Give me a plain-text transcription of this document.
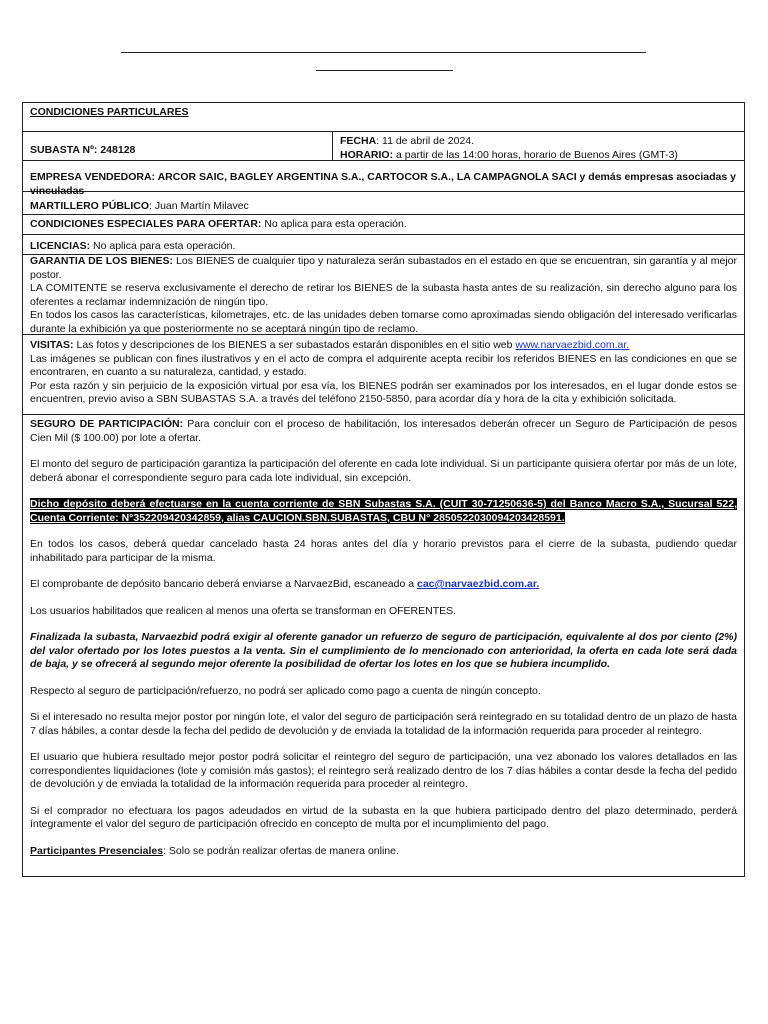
CONDICIONES PARTICULARES
SUBASTA Nº: 248128
FECHA: 11 de abril de 2024.
HORARIO: a partir de las 14:00 horas, horario de Buenos Aires (GMT-3)
EMPRESA VENDEDORA: ARCOR SAIC, BAGLEY ARGENTINA S.A., CARTOCOR S.A., LA CAMPAGNOLA SACI y demás empresas asociadas y vinculadas
MARTILLERO PÚBLICO: Juan Martín Milavec
CONDICIONES ESPECIALES PARA OFERTAR: No aplica para esta operación.
LICENCIAS: No aplica para esta operación.

GARANTIA DE LOS BIENES: Los BIENES de cualquier tipo y naturaleza serán subastados en el estado en que se encuentran, sin garantía y al mejor postor.

LA COMITENTE se reserva exclusivamente el derecho de retirar los BIENES de la subasta hasta antes de su realización, sin derecho alguno para los oferentes a reclamar indemnización de ningún tipo.

En todos los casos las características, kilometrajes, etc. de las unidades deben tomarse como aproximadas siendo obligación del interesado verificarlas durante la exhibición ya que posteriormente no se aceptará ningún tipo de reclamo.

VISITAS: Las fotos y descripciones de los BIENES a ser subastados estarán disponibles en el sitio web www.narvaezbid.com.ar.

Las imágenes se publican con fines ilustrativos y en el acto de compra el adquirente acepta recibir los referidos BIENES en las condiciones en que se encontraren, en cuanto a su naturaleza, cantidad, y estado.

Por esta razón y sin perjuicio de la exposición virtual por esa vía, los BIENES podrán ser examinados por los interesados, en el lugar donde estos se encuentren, previo aviso a SBN SUBASTAS S.A. a través del teléfono 2150-5850, para acordar día y hora de la cita y exhibición solicitada.

SEGURO DE PARTICIPACIÓN: Para concluir con el proceso de habilitación, los interesados deberán ofrecer un Seguro de Participación de pesos Cien Mil ($ 100.00) por lote a ofertar.

El monto del seguro de participación garantiza la participación del oferente en cada lote individual. Si un participante quisiera ofertar por más de un lote, deberá abonar el correspondiente seguro para cada lote individual, sin excepción.

Dicho depósito deberá efectuarse en la cuenta corriente de SBN Subastas S.A. (CUIT 30-71250636-5) del Banco Macro S.A., Sucursal 522, Cuenta Corriente: N°352209420342859, alias CAUCION.SBN.SUBASTAS, CBU N° 2850522030094203428591.

En todos los casos, deberá quedar cancelado hasta 24 horas antes del día y horario previstos para el cierre de la subasta, pudiendo quedar inhabilitado para participar de la misma.

El comprobante de depósito bancario deberá enviarse a NarvaezBid, escaneado a cac@narvaezbid.com.ar.

Los usuarios habilitados que realicen al menos una oferta se transforman en OFERENTES.

Finalizada la subasta, Narvaezbid podrá exigir al oferente ganador un refuerzo de seguro de participación, equivalente al dos por ciento (2%) del valor ofertado por los lotes puestos a la venta. Sin el cumplimiento de lo mencionado con anterioridad, la oferta en cada lote será dada de baja, y se ofrecerá al segundo mejor oferente la posibilidad de ofertar los lotes en los que se hubiera incumplido.

Respecto al seguro de participación/refuerzo, no podrá ser aplicado como pago a cuenta de ningún concepto.

Si el interesado no resulta mejor postor por ningún lote, el valor del seguro de participación será reintegrado en su totalidad dentro de un plazo de hasta 7 días hábiles, a contar desde la fecha del pedido de devolución y de enviada la totalidad de la información requerida para proceder al reintegro.

El usuario que hubiera resultado mejor postor podrá solicitar el reintegro del seguro de participación, una vez abonado los valores detallados en las correspondientes liquidaciones (lote y comisión más gastos); el reintegro será realizado dentro de los 7 días hábiles a contar desde la fecha del pedido de devolución y de enviada la totalidad de la información requerida para proceder al reintegro.

Si el comprador no efectuara los pagos adeudados en virtud de la subasta en la que hubiera participado dentro del plazo determinado, perderá íntegramente el valor del seguro de participación ofrecido en concepto de multa por el incumplimiento del pago.

Participantes Presenciales: Solo se podrán realizar ofertas de manera online.
